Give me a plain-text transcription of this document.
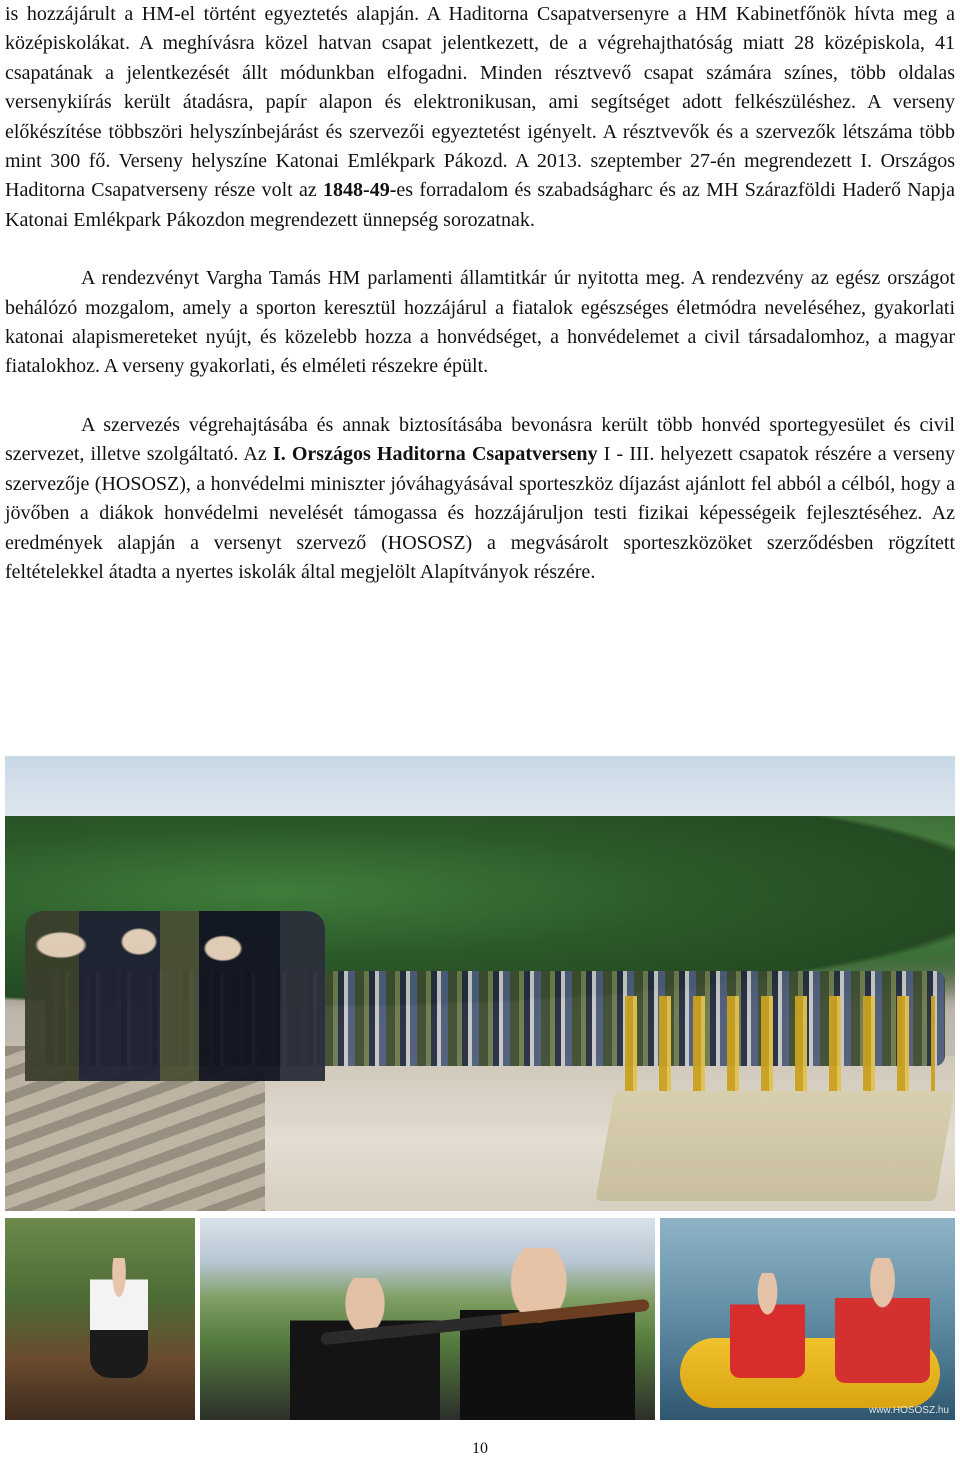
is hozzájárult a HM-el történt egyeztetés alapján. A Haditorna Csapatversenyre a HM Kabinetfőnök hívta meg a középiskolákat. A meghívásra közel hatvan csapat jelentkezett, de a végrehajthatóság miatt 28 középiskola, 41 csapatának a jelentkezését állt módunkban elfogadni. Minden résztvevő csapat számára színes, több oldalas versenykiírás került átadásra, papír alapon és elektronikusan, ami segítséget adott felkészüléshez. A verseny előkészítése többszöri helyszínbejárást és szervezői egyeztetést igényelt. A résztvevők és a szervezők létszáma több mint 300 fő. Verseny helyszíne Katonai Emlékpark Pákozd. A 2013. szeptember 27-én megrendezett I. Országos Haditorna Csapatverseny része volt az 1848-49-es forradalom és szabadságharc és az MH Szárazföldi Haderő Napja Katonai Emlékpark Pákozdon megrendezett ünnepség sorozatnak.

A rendezvényt Vargha Tamás HM parlamenti államtitkár úr nyitotta meg. A rendezvény az egész országot behálózó mozgalom, amely a sporton keresztül hozzájárul a fiatalok egészséges életmódra neveléséhez, gyakorlati katonai alapismereteket nyújt, és közelebb hozza a honvédséget, a honvédelemet a civil társadalomhoz, a magyar fiatalokhoz. A verseny gyakorlati, és elméleti részekre épült.

A szervezés végrehajtásába és annak biztosításába bevonásra került több honvéd sportegyesület és civil szervezet, illetve szolgáltató. Az I. Országos Haditorna Csapatverseny I - III. helyezett csapatok részére a verseny szervezője (HOSOSZ), a honvédelmi miniszter jóváhagyásával sporteszköz díjazást ajánlott fel abból a célból, hogy a jövőben a diákok honvédelmi nevelését támogassa és hozzájáruljon testi fizikai képességeik fejlesztéséhez. Az eredmények alapján a versenyt szervező (HOSOSZ) a megvásárolt sporteszközöket szerződésben rögzített feltételekkel átadta a nyertes iskolák által megjelölt Alapítványok részére.

www.HOSOSZ.hu
10
